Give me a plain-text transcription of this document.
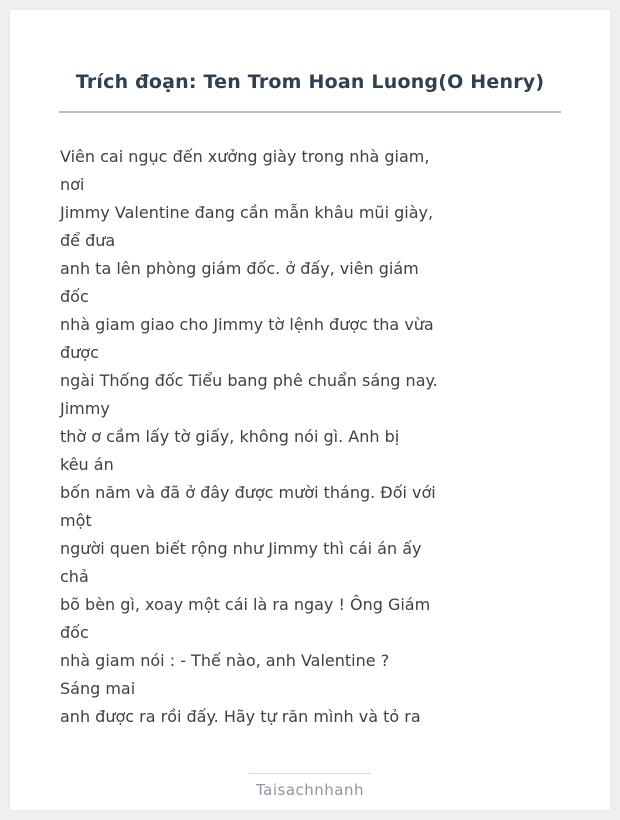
Trích đoạn: Ten Trom Hoan Luong(O Henry)

Viên cai ngục đến xưởng giày trong nhà giam,

nơi

Jimmy Valentine đang cần mẫn khâu mũi giày,

để đưa

anh ta lên phòng giám đốc. ở đấy, viên giám

đốc

nhà giam giao cho Jimmy tờ lệnh được tha vừa

được

ngài Thống đốc Tiểu bang phê chuẩn sáng nay.

Jimmy

thờ ơ cầm lấy tờ giấy, không nói gì. Anh bị

kêu án

bốn năm và đã ở đây được mười tháng. Đối với

một

người quen biết rộng như Jimmy thì cái án ấy

chả

bõ bèn gì, xoay một cái là ra ngay ! Ông Giám

đốc

nhà giam nói : - Thế nào, anh Valentine ?

Sáng mai

anh được ra rồi đấy. Hãy tự răn mình và tỏ ra

Taisachnhanh
